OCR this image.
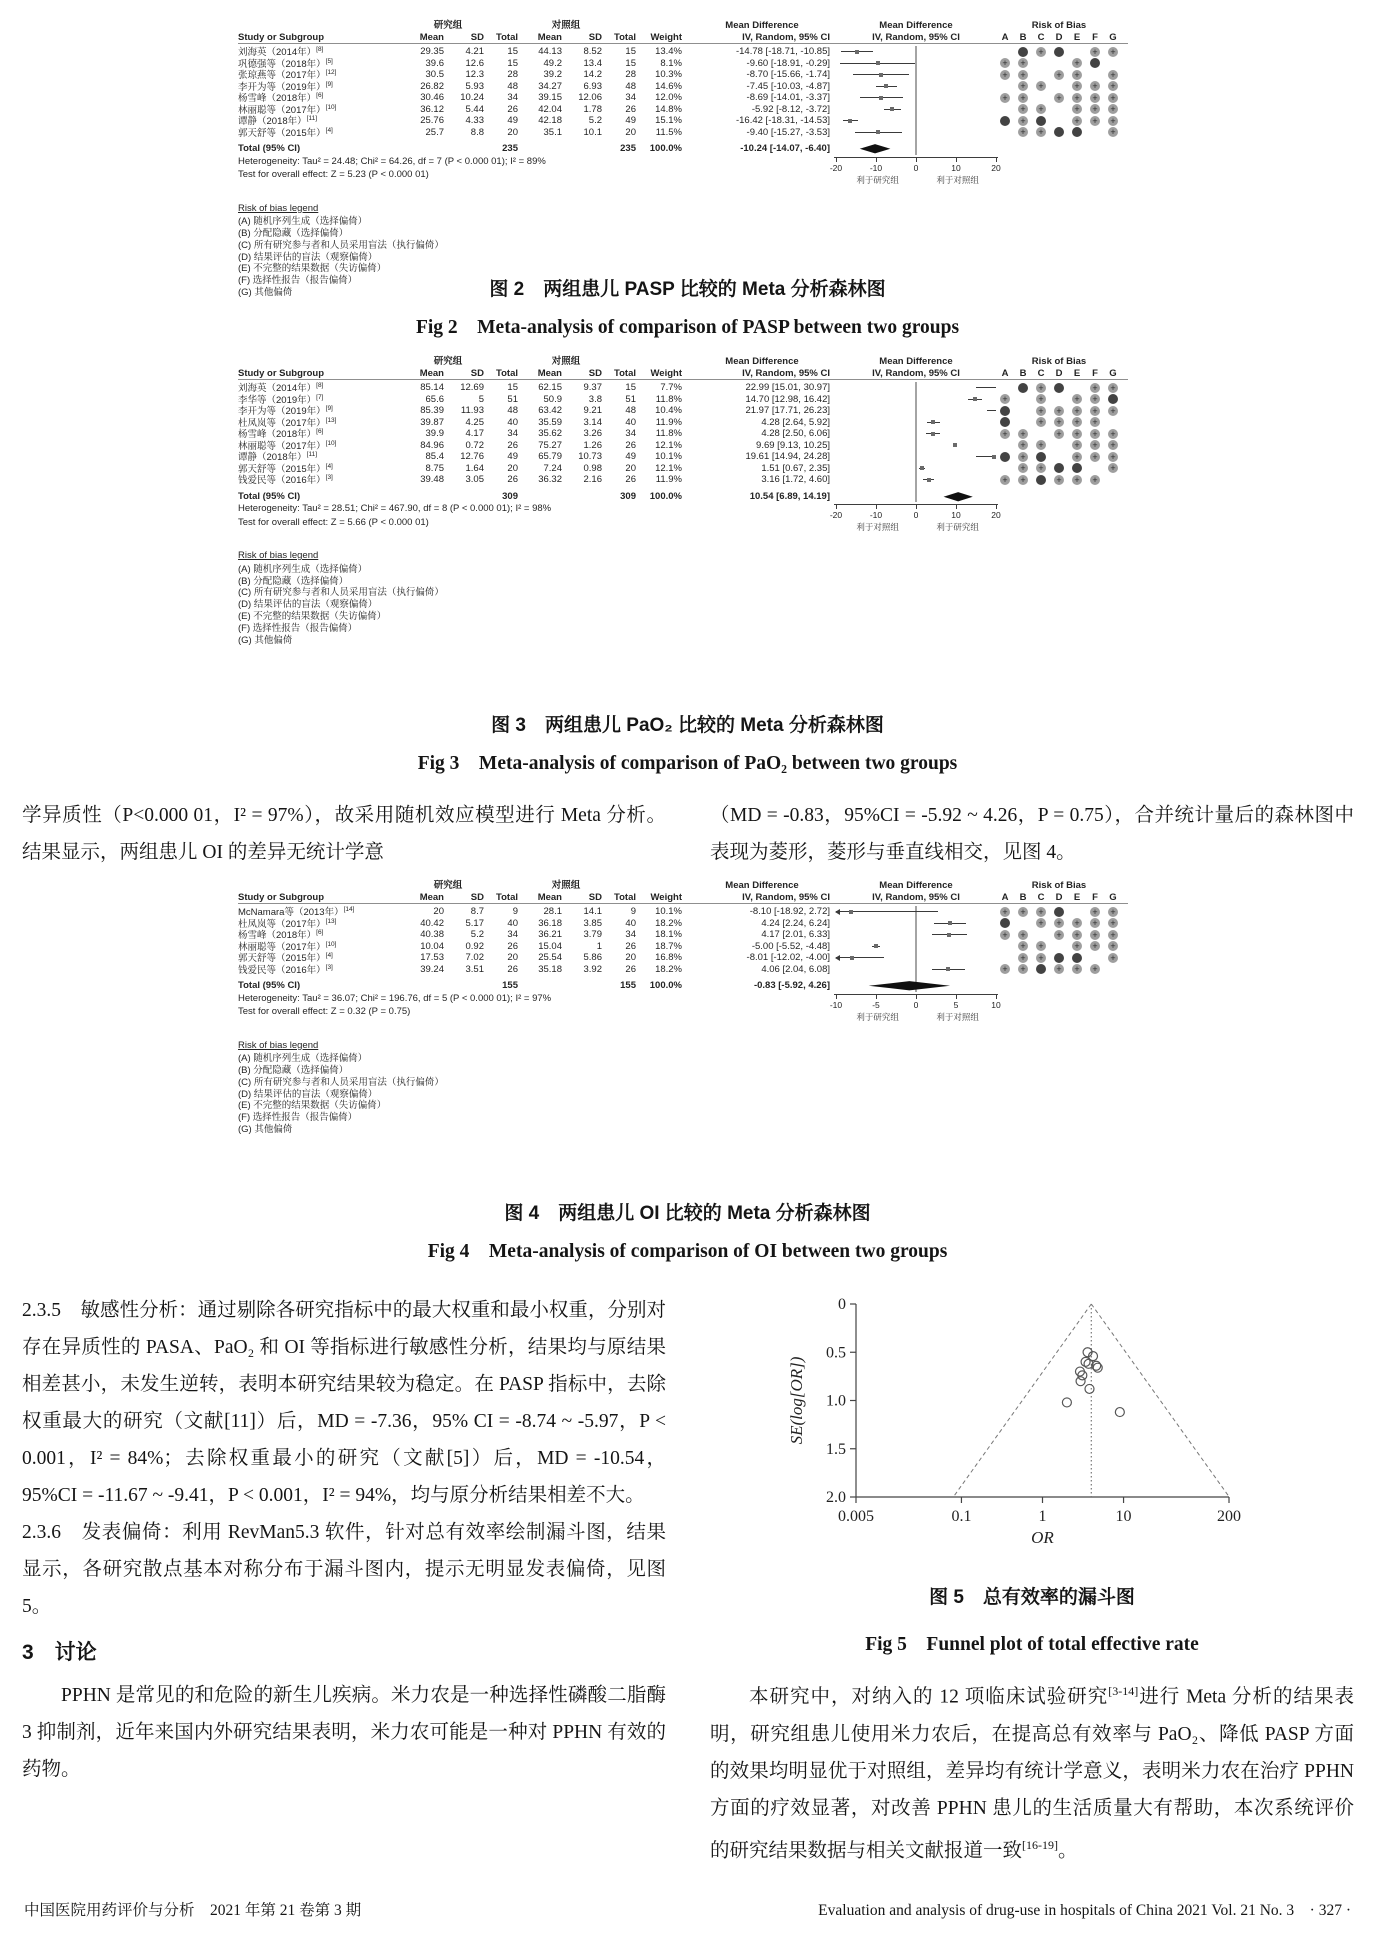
研究组	对照组	Mean Difference	Mean Difference	Risk of Bias
Study or Subgroup	Mean	SD	Total	Mean	SD	Total	Weight	IV, Random, 95% CI	IV, Random, 95% CI	A B C D E F G
刘海英（2014年）[8]	29.35	4.21	15	44.13	8.52	15	13.4%	-14.78 [-18.71, -10.85]	+ + +	+ +
巩德强等（2018年）[5]	39.6	12.6	15	49.2	13.4	15	8.1%	-9.60 [-18.91, -0.29]	+ +	+ +
张琼燕等（2017年）[12]	30.5	12.3	28	39.2	14.2	28	10.3%	-8.70 [-15.66, -1.74]	+ +	+ +	+
李开为等（2019年）[9]	26.82	5.93	48	34.27	6.93	48	14.6%	-7.45 [-10.03, -4.87]	+ +	+ + +
杨雪峰（2018年）[6]	30.46	10.24	34	39.15	12.06	34	12.0%	-8.69 [-14.01, -3.37]	+ +	+ + + +
林丽聪等（2017年）[10]	36.12	5.44	26	42.04	1.78	26	14.8%	-5.92 [-8.12, -3.72]	+ +	+ + +
谭静（2018年）[11]	25.76	4.33	49	42.18	5.2	49	15.1%	-16.42 [-18.31, -14.53]	+ + +	+ + +
郭天舒等（2015年）[4]	25.7	8.8	20	35.1	10.1	20	11.5%	-9.40 [-15.27, -3.53]	+ + + +	+
Total (95% CI)	235	235	100.0%	-10.24 [-14.07, -6.40]
Heterogeneity: Tau² = 24.48; Chi² = 64.26, df = 7 (P < 0.000 01); I² = 89%
Test for overall effect: Z = 5.23 (P < 0.000 01)
-20	-10	0	10	20
利于研究组	利于对照组
Risk of bias legend
(A) 随机序列生成（选择偏倚）
(B) 分配隐藏（选择偏倚）
(C) 所有研究参与者和人员采用盲法（执行偏倚）
(D) 结果评估的盲法（观察偏倚）
(E) 不完整的结果数据（失访偏倚）
(F) 选择性报告（报告偏倚）
(G) 其他偏倚	图 2　两组患儿 PASP 比较的 Meta 分析森林图
Fig 2　Meta-analysis of comparison of PASP between two groups
研究组	对照组	Mean Difference	Mean Difference	Risk of Bias
Study or Subgroup	Mean	SD	Total	Mean	SD	Total	Weight	IV, Random, 95% CI	IV, Random, 95% CI	A B C D E F G
刘海英（2014年）[8]	85.14	12.69	15	62.15	9.37	15	7.7%	22.99 [15.01, 30.97]	+ + +	+ +
李华等（2019年）[7]	65.6	5	51	50.9	3.8	51	11.8%	14.70 [12.98, 16.42]	+	+	+ + +
李开为等（2019年）[9]	85.39	11.93	48	63.42	9.21	48	10.4%	21.97 [17.71, 26.23]	+	+ + + + +
杜凤岚等（2017年）[13]	39.87	4.25	40	35.59	3.14	40	11.9%	4.28 [2.64, 5.92]	+	+ + + +
杨雪峰（2018年）[6]	39.9	4.17	34	35.62	3.26	34	11.8%	4.28 [2.50, 6.06]	+ +	+ + + +
林丽聪等（2017年）[10]	84.96	0.72	26	75.27	1.26	26	12.1%	9.69 [9.13, 10.25]	+ +	+ + +
谭静（2018年）[11]	85.4	12.76	49	65.79	10.73	49	10.1%	19.61 [14.94, 24.28]	+ + +	+ + +
郭天舒等（2015年）[4]	8.75	1.64	20	7.24	0.98	20	12.1%	1.51 [0.67, 2.35]	+ + + +	+
钱爱民等（2016年）[3]	39.48	3.05	26	36.32	2.16	26	11.9%	3.16 [1.72, 4.60]	+ + + + + +
Total (95% CI)	309	309	100.0%	10.54 [6.89, 14.19]
Heterogeneity: Tau² = 28.51; Chi² = 467.90, df = 8 (P < 0.000 01); I² = 98%
Test for overall effect: Z = 5.66 (P < 0.000 01)
-20	-10	0	10	20
利于对照组	利于研究组
Risk of bias legend
(A) 随机序列生成（选择偏倚）
(B) 分配隐藏（选择偏倚）
(C) 所有研究参与者和人员采用盲法（执行偏倚）
(D) 结果评估的盲法（观察偏倚）
(E) 不完整的结果数据（失访偏倚）
(F) 选择性报告（报告偏倚）
(G) 其他偏倚
图 3　两组患儿 PaO₂ 比较的 Meta 分析森林图
Fig 3　Meta-analysis of comparison of PaO₂ between two groups
学异质性（P<0.000 01，I² = 97%），故采用随机效应模型进行 Meta 分析。结果显示，两组患儿 OI 的差异无统计学意
（MD = -0.83，95%CI = -5.92 ~ 4.26，P = 0.75），合并统计量后的森林图中表现为菱形，菱形与垂直线相交，见图 4。
研究组	对照组	Mean Difference	Mean Difference	Risk of Bias
Study or Subgroup	Mean	SD	Total	Mean	SD	Total	Weight	IV, Random, 95% CI	IV, Random, 95% CI	A B C D E F G
McNamara等（2013年）[14]	20	8.7	9	28.1	14.1	9	10.1%	-8.10 [-18.92, 2.72]	+ + + +	+ +
杜凤岚等（2017年）[13]	40.42	5.17	40	36.18	3.85	40	18.2%	4.24 [2.24, 6.24]	+	+ + + + +
杨雪峰（2018年）[6]	40.38	5.2	34	36.21	3.79	34	18.1%	4.17 [2.01, 6.33]	+ +	+ + + +
林丽聪等（2017年）[10]	10.04	0.92	26	15.04	1	26	18.7%	-5.00 [-5.52, -4.48]	+ +	+ + +
郭天舒等（2015年）[4]	17.53	7.02	20	25.54	5.86	20	16.8%	-8.01 [-12.02, -4.00]	+ + + +	+
钱爱民等（2016年）[3]	39.24	3.51	26	35.18	3.92	26	18.2%	4.06 [2.04, 6.08]	+ + + + + +
Total (95% CI)	155	155	100.0%	-0.83 [-5.92, 4.26]
Heterogeneity: Tau² = 36.07; Chi² = 196.76, df = 5 (P < 0.000 01); I² = 97%
Test for overall effect: Z = 0.32 (P = 0.75)
-10	-5	0	5	10
利于研究组	利于对照组
Risk of bias legend
(A) 随机序列生成（选择偏倚）
(B) 分配隐藏（选择偏倚）
(C) 所有研究参与者和人员采用盲法（执行偏倚）
(D) 结果评估的盲法（观察偏倚）
(E) 不完整的结果数据（失访偏倚）
(F) 选择性报告（报告偏倚）
(G) 其他偏倚
图 4　两组患儿 OI 比较的 Meta 分析森林图
Fig 4　Meta-analysis of comparison of OI between two groups

2.3.5　敏感性分析：通过剔除各研究指标中的最大权重和最小权重，分别对存在异质性的 PASA、PaO₂ 和 OI 等指标进行敏感性分析，结果均与原结果相差甚小，未发生逆转，表明本研究结果较为稳定。在 PASP 指标中，去除权重最大的研究（文献[11]）后，MD = -7.36，95% CI = -8.74 ~ -5.97，P < 0.001，I² = 84%；去除权重最小的研究（文献[5]）后，MD = -10.54，95%CI = -11.67 ~ -9.41，P < 0.001，I² = 94%，均与原分析结果相差不大。

2.3.6　发表偏倚：利用 RevMan5.3 软件，针对总有效率绘制漏斗图，结果显示，各研究散点基本对称分布于漏斗图内，提示无明显发表偏倚，见图 5。

3　讨论

PPHN 是常见的和危险的新生儿疾病。米力农是一种选择性磷酸二脂酶 3 抑制剂，近年来国内外研究结果表明，米力农可能是一种对 PPHN 有效的药物。

0
0.5
1.0
1.5
2.0
0.005	0.1	1	10	200
SE(log[OR])
OR
图 5　总有效率的漏斗图
Fig 5　Funnel plot of total effective rate

本研究中，对纳入的 12 项临床试验研究[3-14]进行 Meta 分析的结果表明，研究组患儿使用米力农后，在提高总有效率与 PaO₂、降低 PASP 方面的效果均明显优于对照组，差异均有统计学意义，表明米力农在治疗 PPHN 方面的疗效显著，对改善 PPHN 患儿的生活质量大有帮助，本次系统评价的研究结果数据与相关文献报道一致[16-19]。

中国医院用药评价与分析　2021 年第 21 卷第 3 期	Evaluation and analysis of drug-use in hospitals of China 2021 Vol. 21 No. 3　· 327 ·
